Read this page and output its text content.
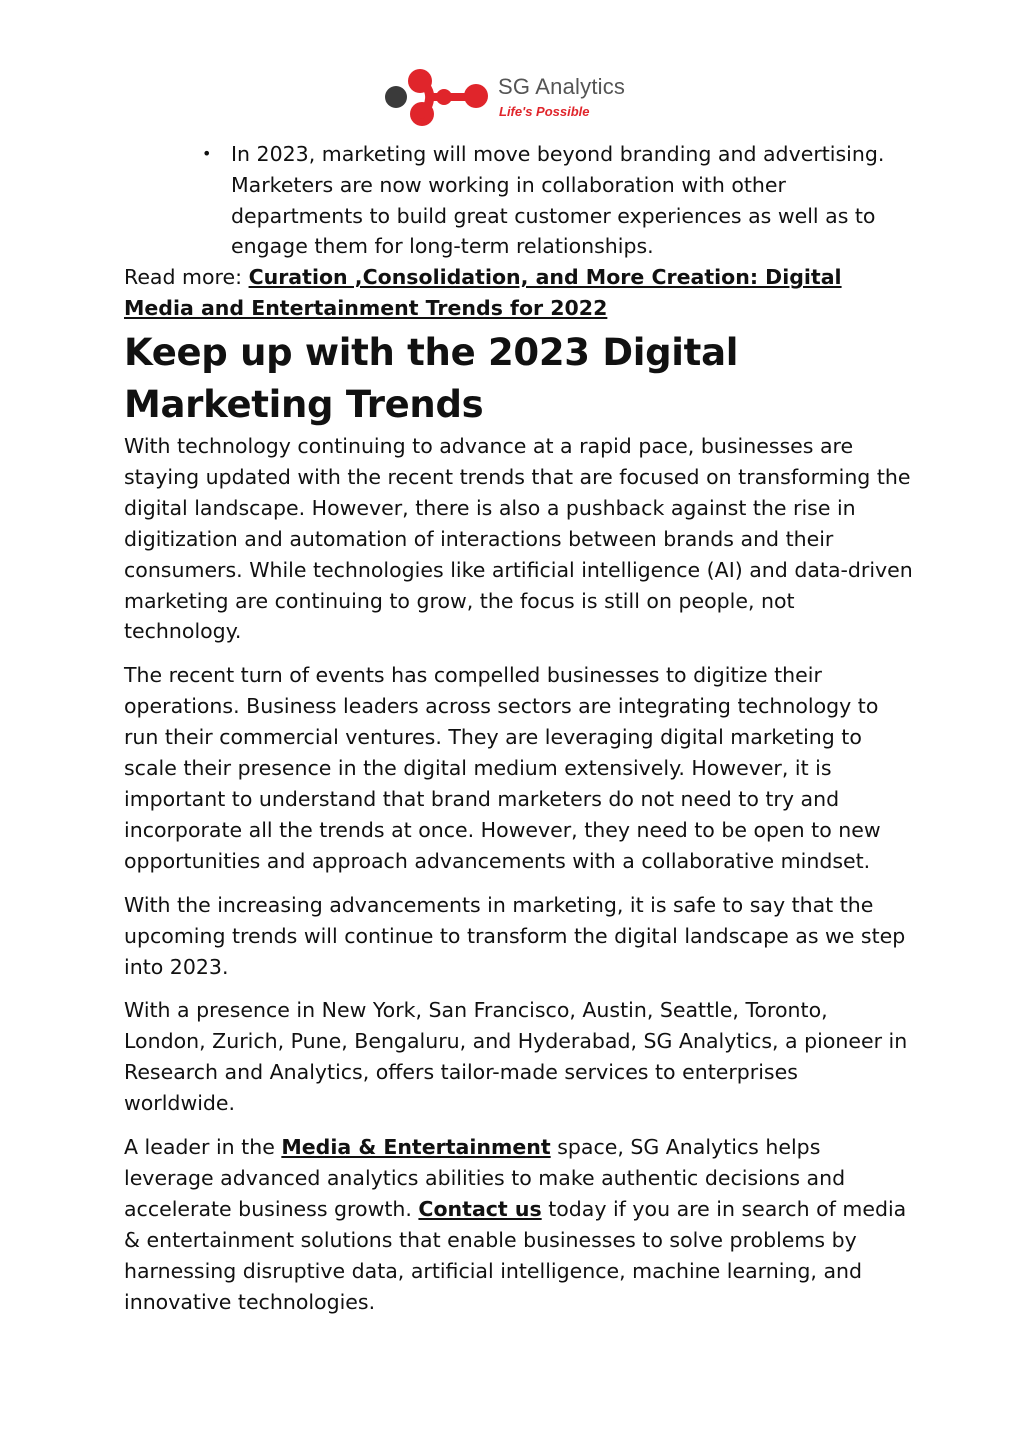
SG Analytics
Life's Possible
• In 2023, marketing will move beyond branding and advertising. Marketers are now working in collaboration with other departments to build great customer experiences as well as to engage them for long-term relationships.

Read more: Curation ,Consolidation, and More Creation: Digital Media and Entertainment Trends for 2022

Keep up with the 2023 Digital Marketing Trends

With technology continuing to advance at a rapid pace, businesses are staying updated with the recent trends that are focused on transforming the digital landscape. However, there is also a pushback against the rise in digitization and automation of interactions between brands and their consumers. While technologies like artificial intelligence (AI) and data-driven marketing are continuing to grow, the focus is still on people, not technology.

The recent turn of events has compelled businesses to digitize their operations. Business leaders across sectors are integrating technology to run their commercial ventures. They are leveraging digital marketing to scale their presence in the digital medium extensively. However, it is important to understand that brand marketers do not need to try and incorporate all the trends at once. However, they need to be open to new opportunities and approach advancements with a collaborative mindset.

With the increasing advancements in marketing, it is safe to say that the upcoming trends will continue to transform the digital landscape as we step into 2023.

With a presence in New York, San Francisco, Austin, Seattle, Toronto, London, Zurich, Pune, Bengaluru, and Hyderabad, SG Analytics, a pioneer in Research and Analytics, offers tailor-made services to enterprises worldwide.

A leader in the Media & Entertainment space, SG Analytics helps leverage advanced analytics abilities to make authentic decisions and accelerate business growth. Contact us today if you are in search of media & entertainment solutions that enable businesses to solve problems by harnessing disruptive data, artificial intelligence, machine learning, and innovative technologies.
